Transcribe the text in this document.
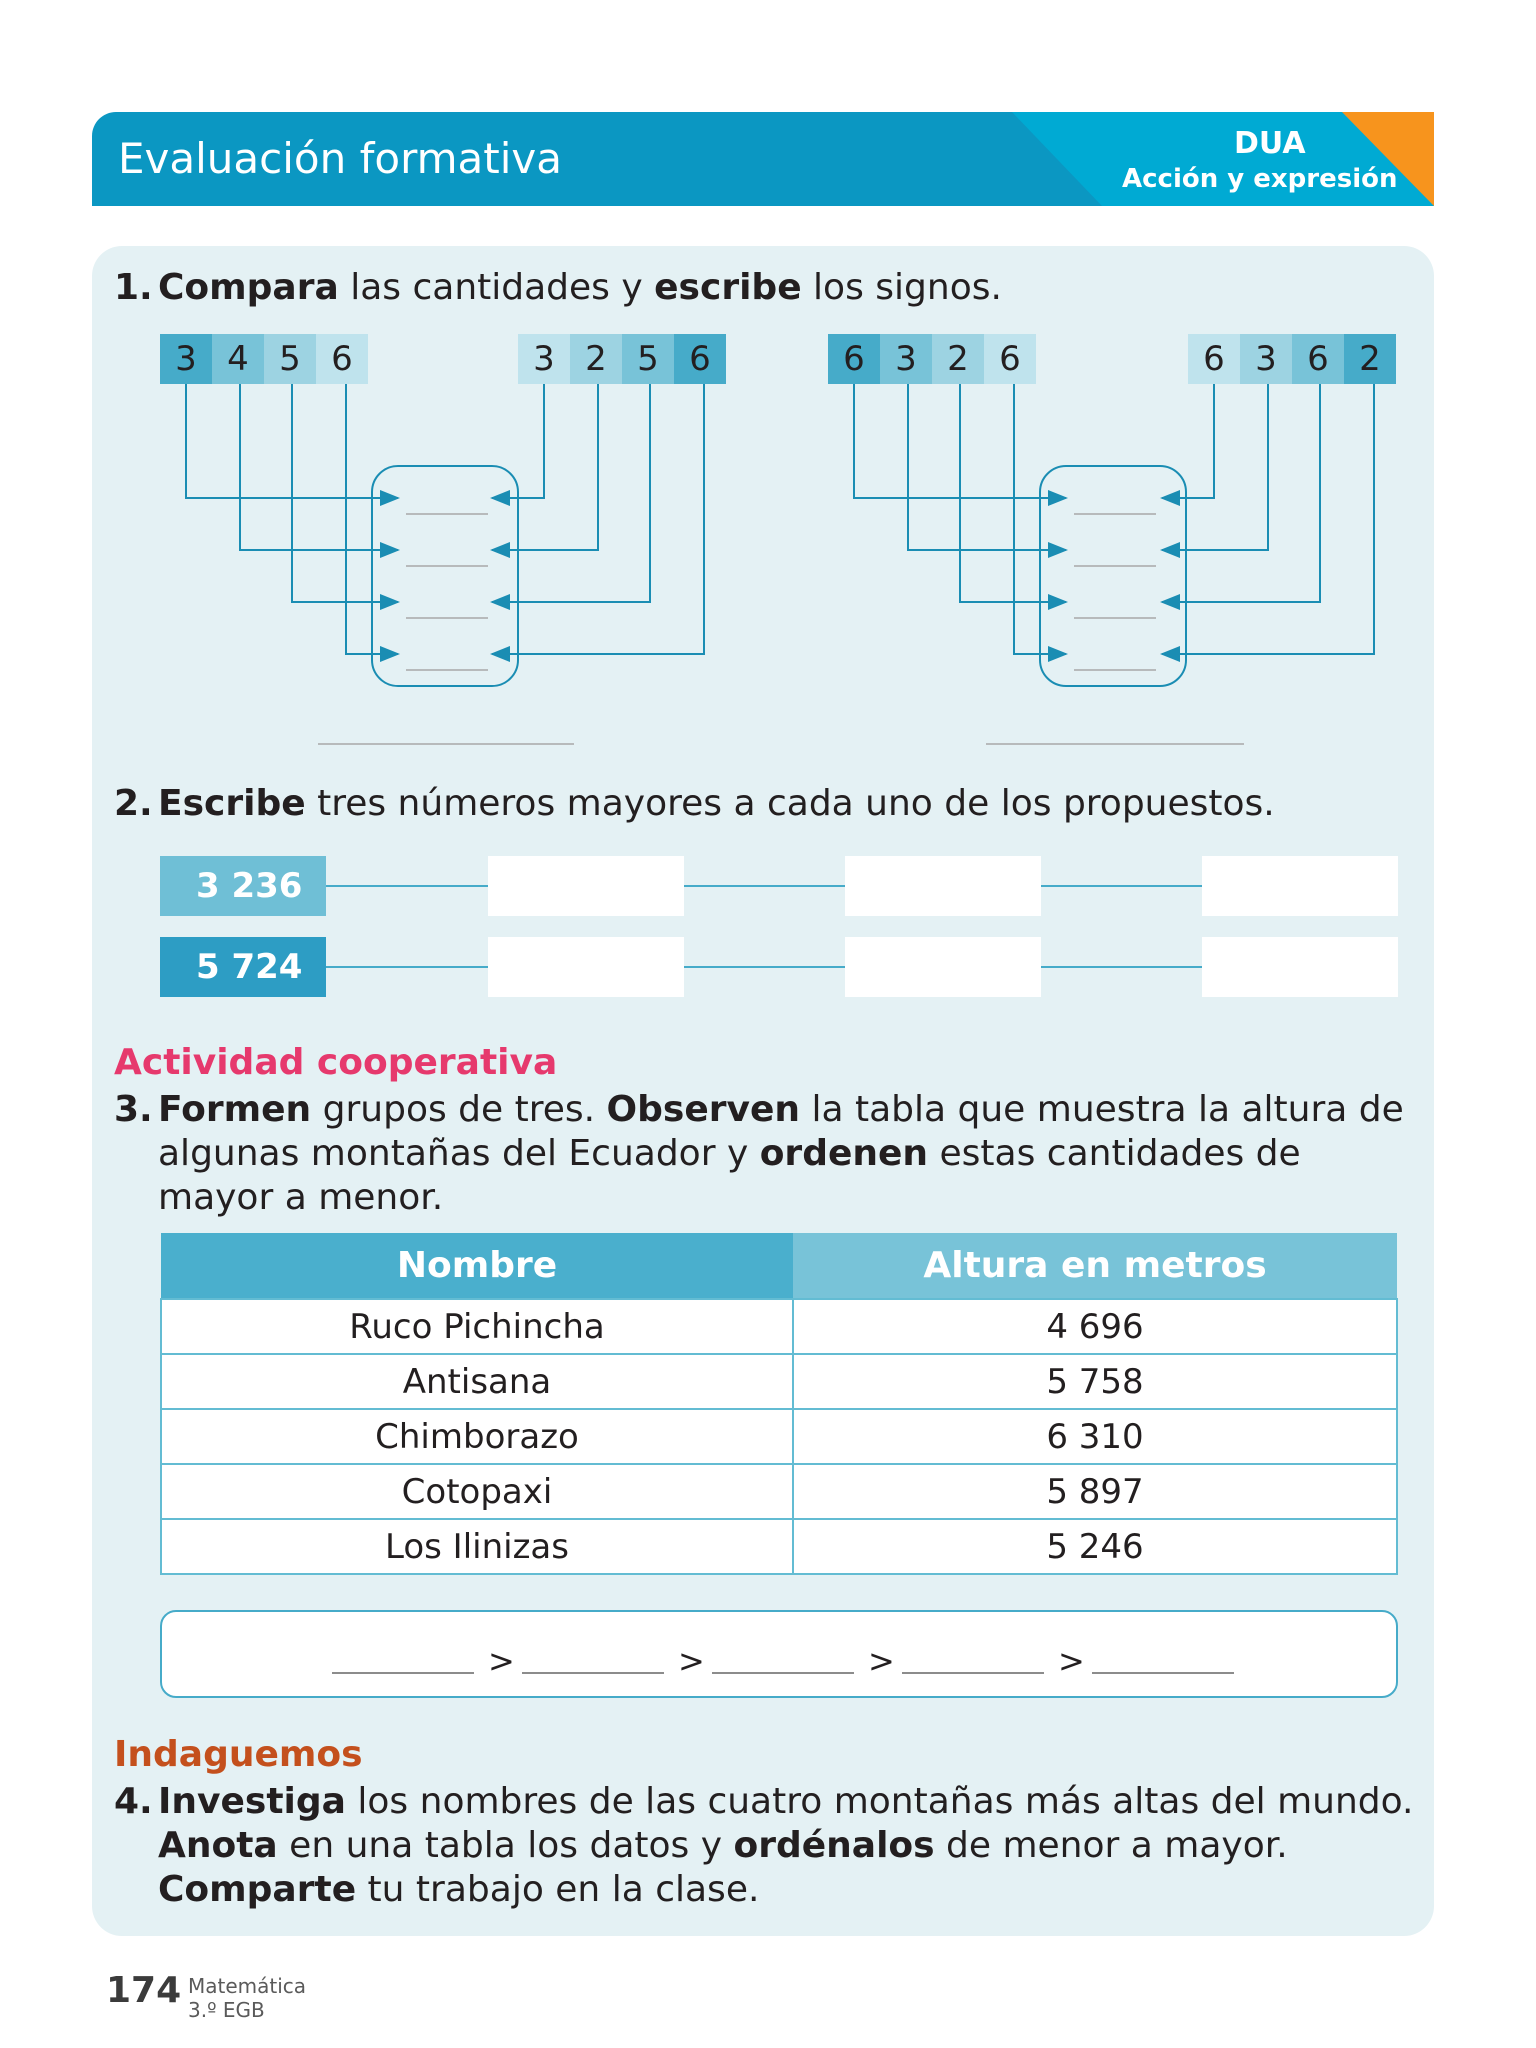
Evaluación formativa	DUA
Acción y expresión
1. Compara las cantidades y escribe los signos.
3 4 5 6	3 2 5 6	6 3 2 6	6 3 6 2
2. Escribe tres números mayores a cada uno de los propuestos.
3 236
5 724
Actividad cooperativa
3. Formen grupos de tres. Observen la tabla que muestra la altura de
algunas montañas del Ecuador y ordenen estas cantidades de
mayor a menor.
Nombre	Altura en metros
Ruco Pichincha	4 696
Antisana	5 758
Chimborazo	6 310
Cotopaxi	5 897
Los Ilinizas	5 246
>	>	>	>
Indaguemos
4. Investiga los nombres de las cuatro montañas más altas del mundo.
Anota en una tabla los datos y ordénalos de menor a mayor.
Comparte tu trabajo en la clase.
174 Matemática
3.º EGB
